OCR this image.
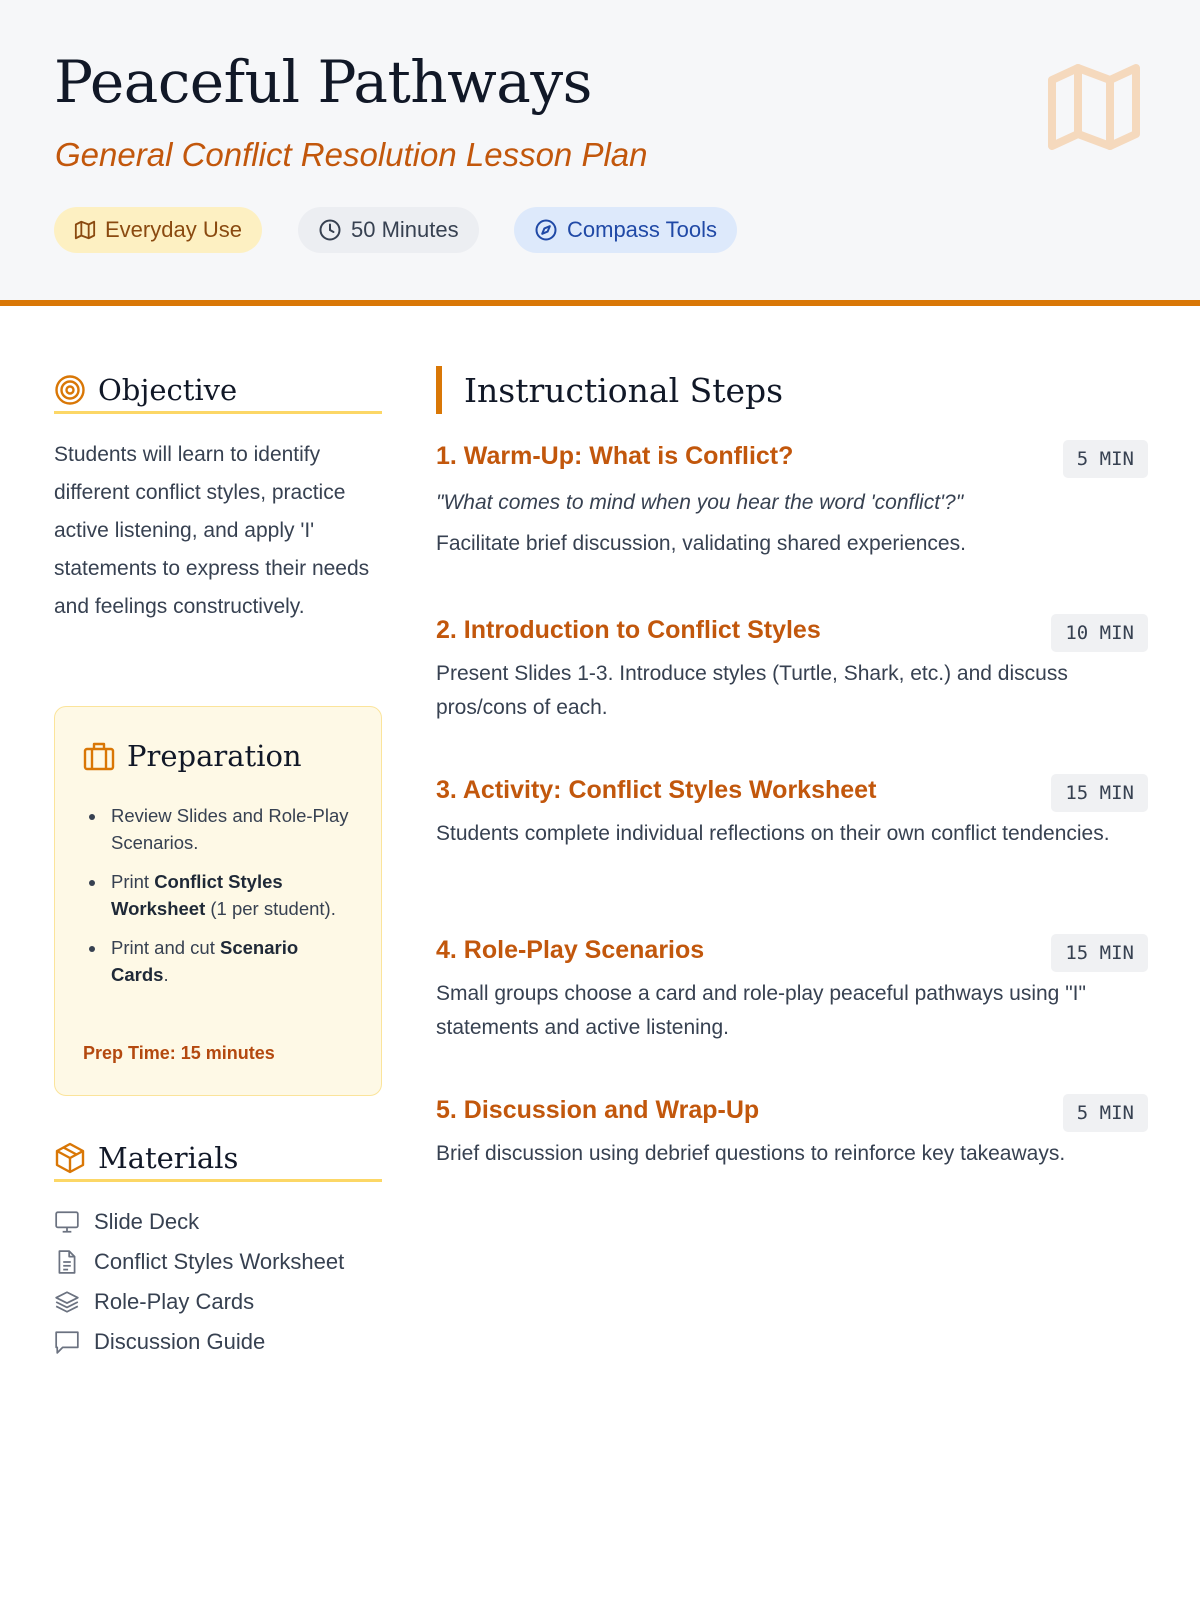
Peaceful Pathways
General Conflict Resolution Lesson Plan
Everyday Use	50 Minutes	Compass Tools
Objective

Students will learn to identify different conflict styles, practice active listening, and apply 'I' statements to express their needs and feelings constructively.

Preparation
Review Slides and Role-Play Scenarios.
Print Conflict Styles Worksheet (1 per student).
Print and cut Scenario Cards.
Prep Time: 15 minutes
Materials
Slide Deck
Conflict Styles Worksheet
Role-Play Cards
Discussion Guide
Instructional Steps
1. Warm-Up: What is Conflict?	5 MIN
"What comes to mind when you hear the word 'conflict'?"
Facilitate brief discussion, validating shared experiences.
2. Introduction to Conflict Styles	10 MIN
Present Slides 1-3. Introduce styles (Turtle, Shark, etc.) and discuss pros/cons of each.
3. Activity: Conflict Styles Worksheet	15 MIN
Students complete individual reflections on their own conflict tendencies.
4. Role-Play Scenarios	15 MIN
Small groups choose a card and role-play peaceful pathways using "I" statements and active listening.
5. Discussion and Wrap-Up	5 MIN
Brief discussion using debrief questions to reinforce key takeaways.
